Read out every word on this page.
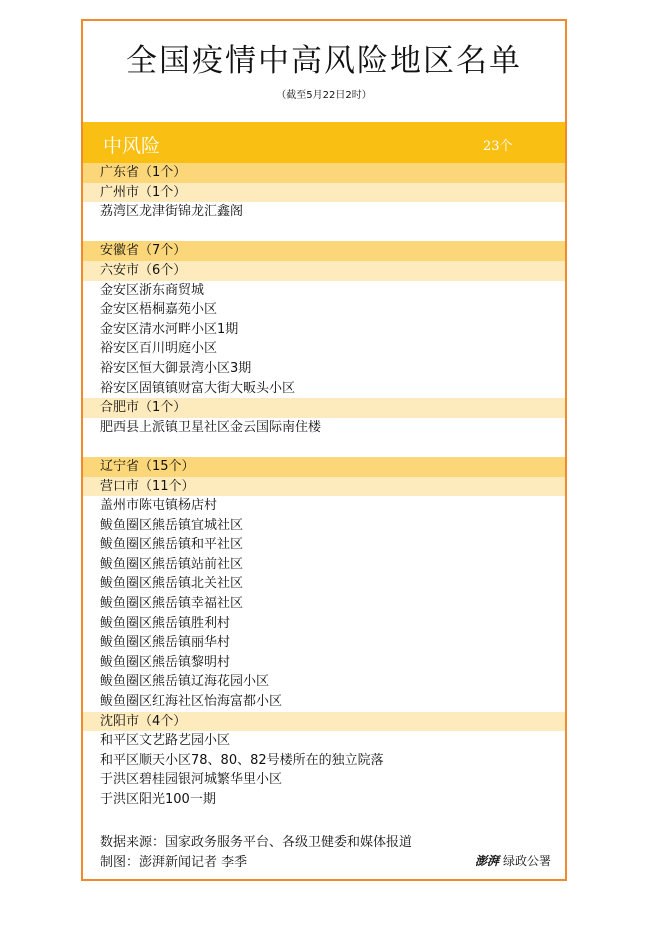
全国疫情中高风险地区名单
（截至5月22日2时）
中风险	23个
广东省（1个）
广州市（1个）
荔湾区龙津街锦龙汇鑫阁
安徽省（7个）
六安市（6个）
金安区浙东商贸城
金安区梧桐嘉苑小区
金安区清水河畔小区1期
裕安区百川明庭小区
裕安区恒大御景湾小区3期
裕安区固镇镇财富大街大畈头小区
合肥市（1个）
肥西县上派镇卫星社区金云国际南住楼
辽宁省（15个）
营口市（11个）
盖州市陈屯镇杨店村
鲅鱼圈区熊岳镇宜城社区
鲅鱼圈区熊岳镇和平社区
鲅鱼圈区熊岳镇站前社区
鲅鱼圈区熊岳镇北关社区
鲅鱼圈区熊岳镇幸福社区
鲅鱼圈区熊岳镇胜利村
鲅鱼圈区熊岳镇丽华村
鲅鱼圈区熊岳镇黎明村
鲅鱼圈区熊岳镇辽海花园小区
鲅鱼圈区红海社区怡海富都小区
沈阳市（4个）
和平区文艺路艺园小区
和平区顺天小区78、80、82号楼所在的独立院落
于洪区碧桂园银河城繁华里小区
于洪区阳光100一期
数据来源：国家政务服务平台、各级卫健委和媒体报道
制图：澎湃新闻记者 李季	澎湃 绿政公署
